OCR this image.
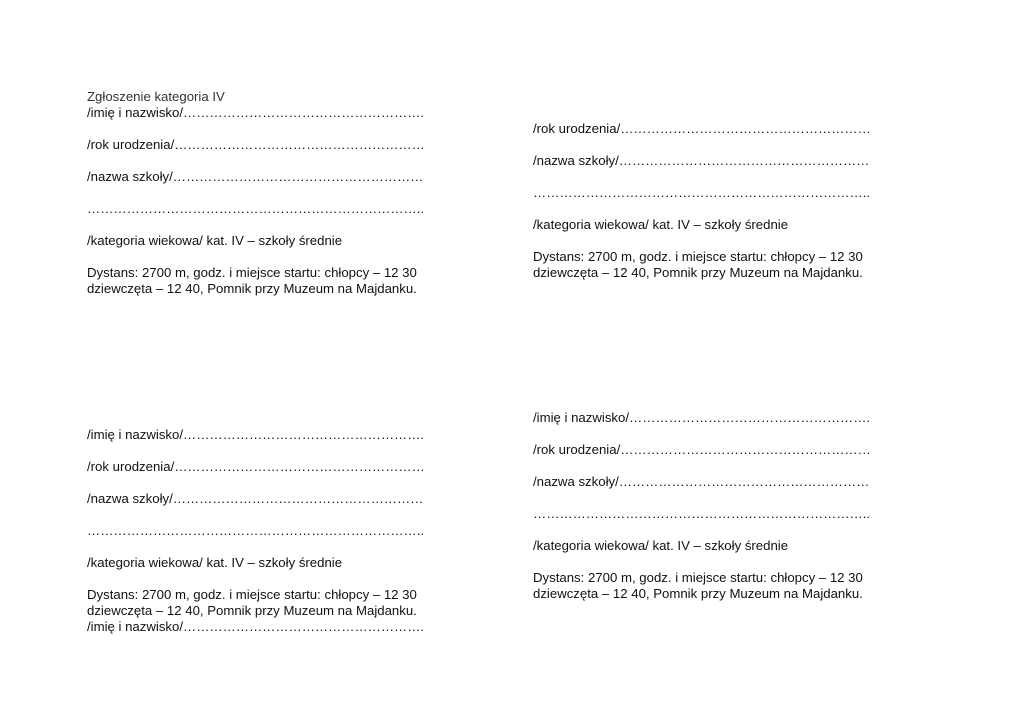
Zgłoszenie kategoria IV

/imię i nazwisko/……………………………………………….

/rok urodzenia/…………………………………………………

/nazwa szkoły/…………………………………………………

…………………………………………………………………..

/kategoria wiekowa/ kat. IV – szkoły średnie

Dystans: 2700 m, godz. i miejsce startu: chłopcy – 12 30

dziewczęta – 12 40, Pomnik przy Muzeum na Majdanku.

/rok urodzenia/…………………………………………………

/nazwa szkoły/…………………………………………………

…………………………………………………………………..

/kategoria wiekowa/ kat. IV – szkoły średnie

Dystans: 2700 m, godz. i miejsce startu: chłopcy – 12 30

dziewczęta – 12 40, Pomnik przy Muzeum na Majdanku.

/imię i nazwisko/……………………………………………….

/rok urodzenia/…………………………………………………

/nazwa szkoły/…………………………………………………

…………………………………………………………………..

/kategoria wiekowa/ kat. IV – szkoły średnie

Dystans: 2700 m, godz. i miejsce startu: chłopcy – 12 30

dziewczęta – 12 40, Pomnik przy Muzeum na Majdanku.

/imię i nazwisko/……………………………………………….

/imię i nazwisko/……………………………………………….

/rok urodzenia/…………………………………………………

/nazwa szkoły/…………………………………………………

…………………………………………………………………..

/kategoria wiekowa/ kat. IV – szkoły średnie

Dystans: 2700 m, godz. i miejsce startu: chłopcy – 12 30

dziewczęta – 12 40, Pomnik przy Muzeum na Majdanku.
